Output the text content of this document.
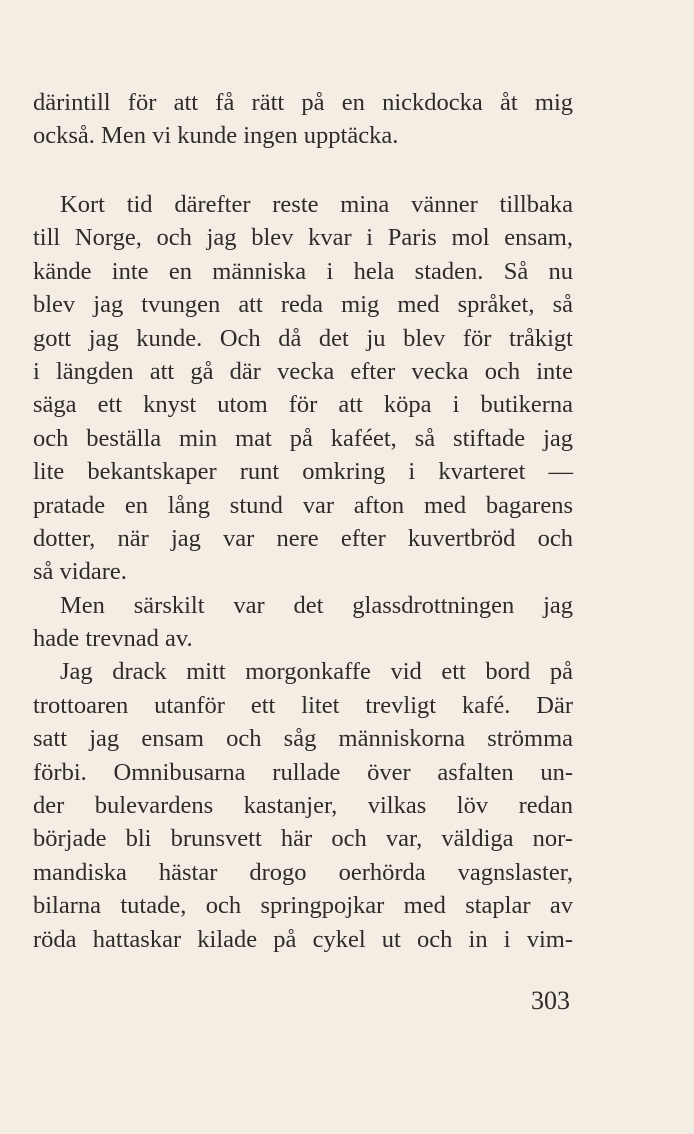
därintill för att få rätt på en nickdocka åt mig
också. Men vi kunde ingen upptäcka.
Kort tid därefter reste mina vänner tillbaka
till Norge, och jag blev kvar i Paris mol ensam,
kände inte en människa i hela staden. Så nu
blev jag tvungen att reda mig med språket, så
gott jag kunde. Och då det ju blev för tråkigt
i längden att gå där vecka efter vecka och inte
säga ett knyst utom för att köpa i butikerna
och beställa min mat på kaféet, så stiftade jag
lite bekantskaper runt omkring i kvarteret —
pratade en lång stund var afton med bagarens
dotter, när jag var nere efter kuvertbröd och
så vidare.
Men särskilt var det glassdrottningen jag
hade trevnad av.
Jag drack mitt morgonkaffe vid ett bord på
trottoaren utanför ett litet trevligt kafé. Där
satt jag ensam och såg människorna strömma
förbi. Omnibusarna rullade över asfalten un-
der bulevardens kastanjer, vilkas löv redan
började bli brunsvett här och var, väldiga nor-
mandiska hästar drogo oerhörda vagnslaster,
bilarna tutade, och springpojkar med staplar av
röda hattaskar kilade på cykel ut och in i vim-
303
